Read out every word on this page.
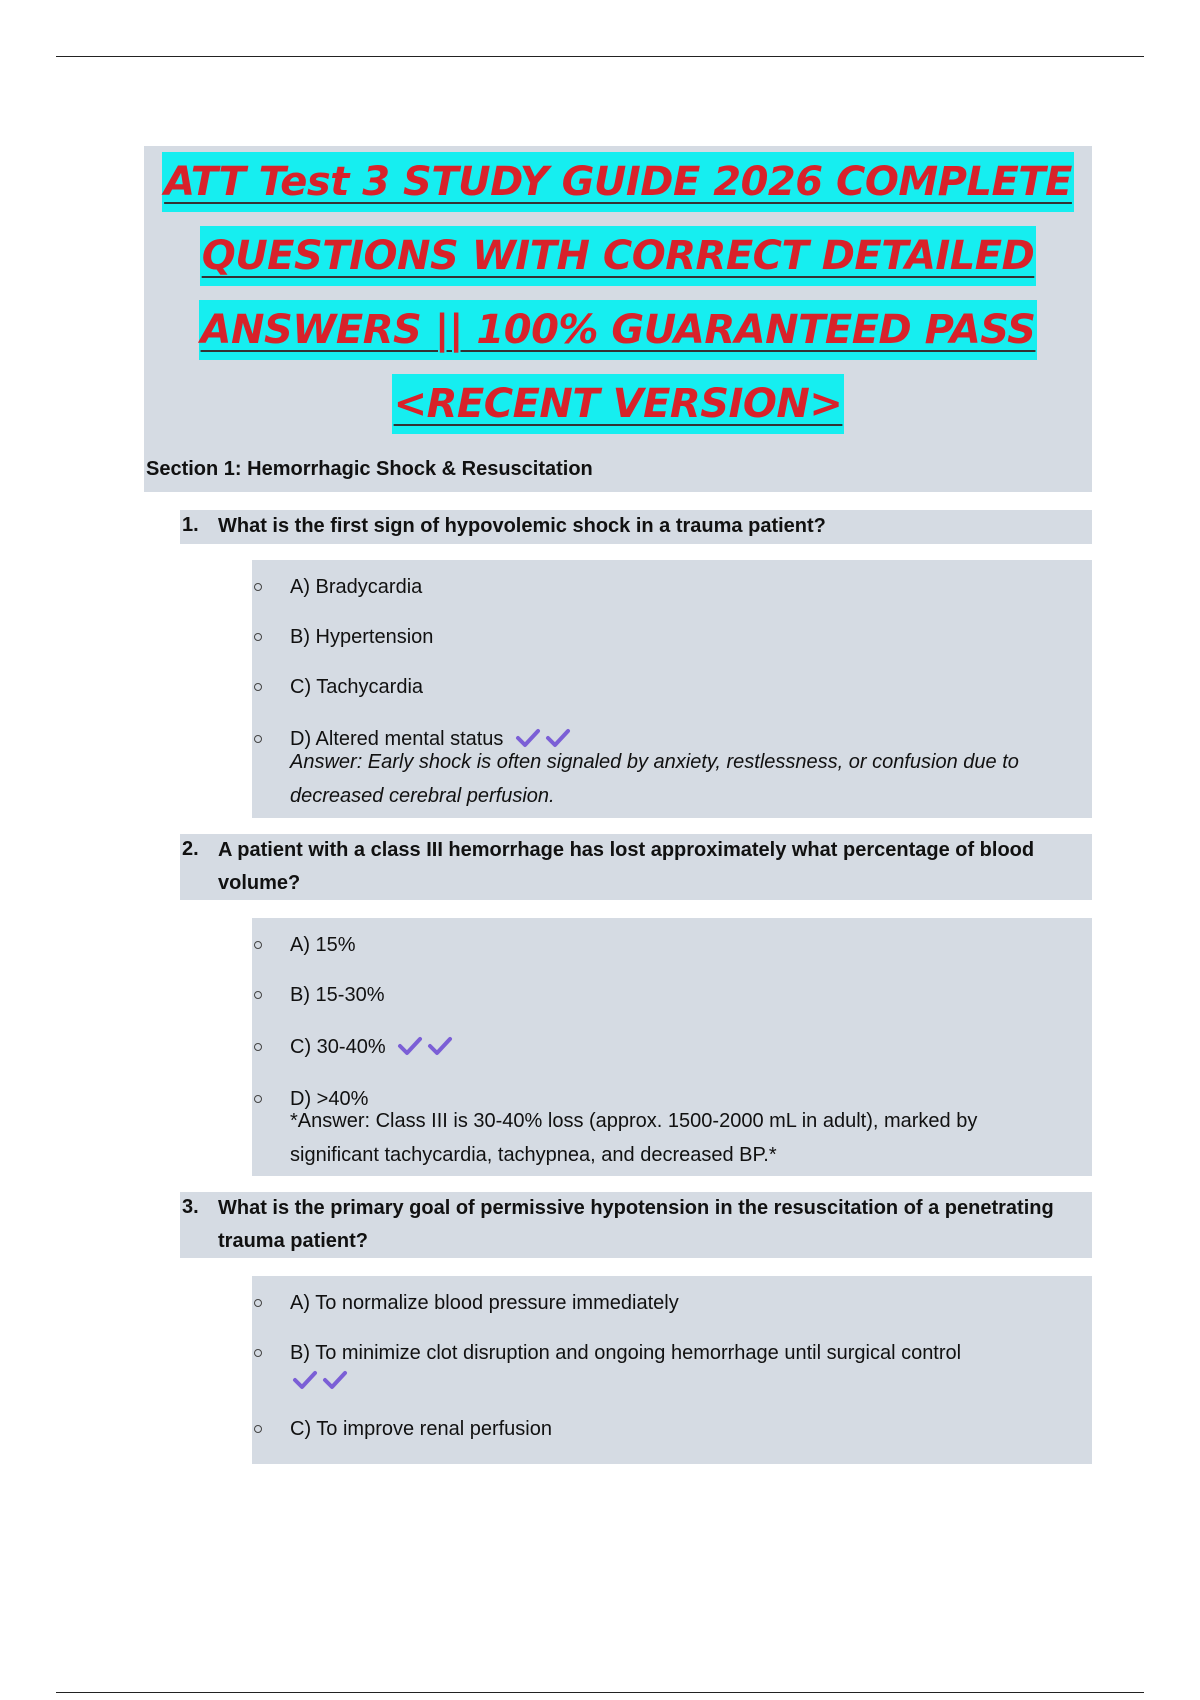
ATT Test 3 STUDY GUIDE 2026 COMPLETE
QUESTIONS WITH CORRECT DETAILED
ANSWERS || 100% GUARANTEED PASS
<RECENT VERSION>
Section 1: Hemorrhagic Shock & Resuscitation
1. What is the first sign of hypovolemic shock in a trauma patient?
A) Bradycardia
B) Hypertension
C) Tachycardia
D) Altered mental status
Answer: Early shock is often signaled by anxiety, restlessness, or confusion due to
decreased cerebral perfusion.
2. A patient with a class III hemorrhage has lost approximately what percentage of blood volume?
A) 15%
B) 15-30%
C) 30-40%
D) >40%
*Answer: Class III is 30-40% loss (approx. 1500-2000 mL in adult), marked by
significant tachycardia, tachypnea, and decreased BP.*
3. What is the primary goal of permissive hypotension in the resuscitation of a penetrating trauma patient?
A) To normalize blood pressure immediately
B) To minimize clot disruption and ongoing hemorrhage until surgical control
C) To improve renal perfusion
